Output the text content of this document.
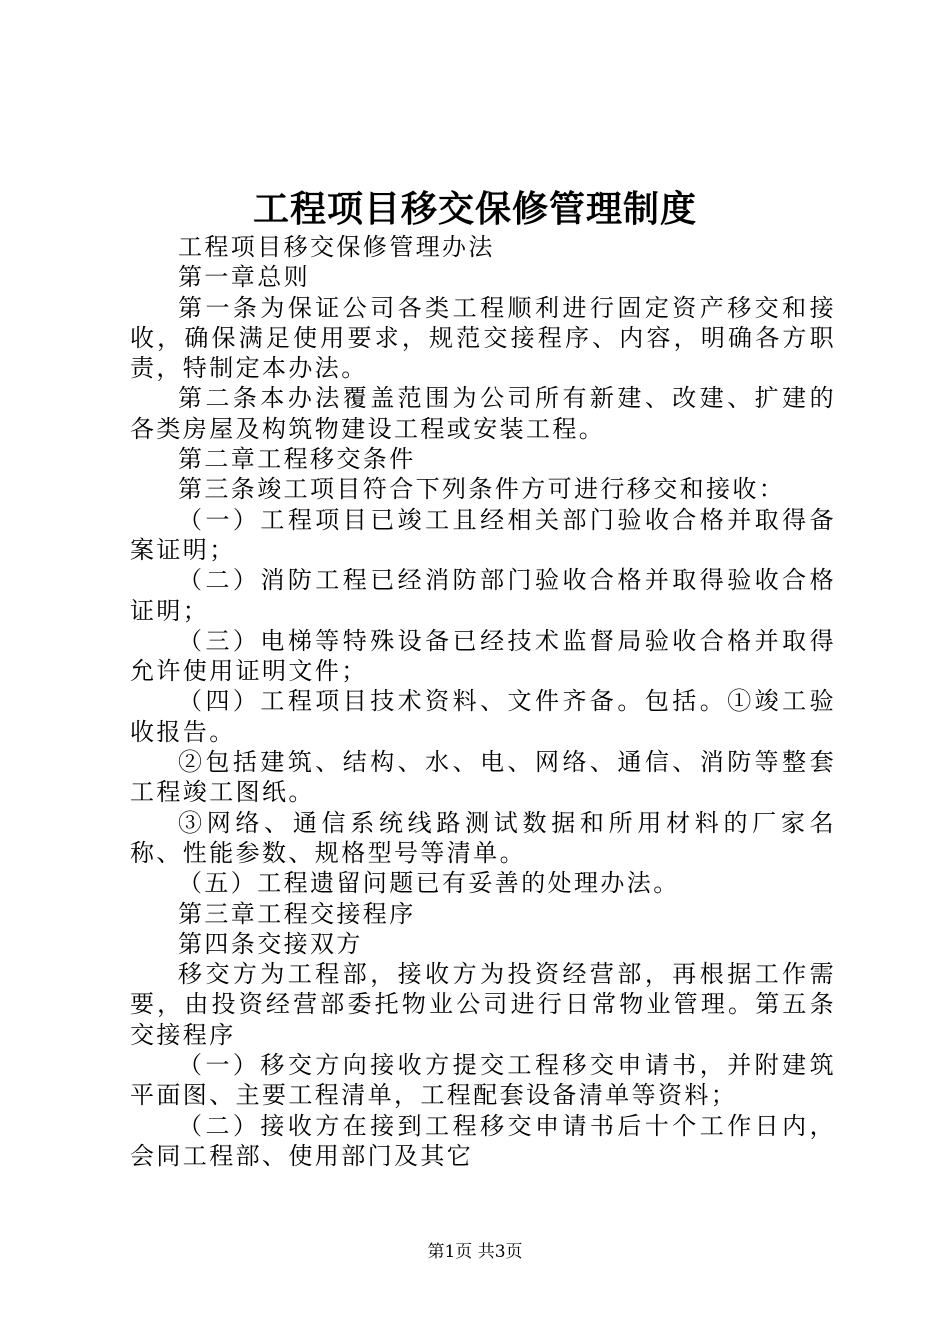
工程项目移交保修管理制度

工程项目移交保修管理办法

第一章总则

第一条为保证公司各类工程顺利进行固定资产移交和接收，确保满足使用要求，规范交接程序、内容，明确各方职责，特制定本办法。

第二条本办法覆盖范围为公司所有新建、改建、扩建的各类房屋及构筑物建设工程或安装工程。

第二章工程移交条件

第三条竣工项目符合下列条件方可进行移交和接收：

（一）工程项目已竣工且经相关部门验收合格并取得备案证明；

（二）消防工程已经消防部门验收合格并取得验收合格证明；

（三）电梯等特殊设备已经技术监督局验收合格并取得允许使用证明文件；

（四）工程项目技术资料、文件齐备。包括。①竣工验收报告。

②包括建筑、结构、水、电、网络、通信、消防等整套工程竣工图纸。

③网络、通信系统线路测试数据和所用材料的厂家名称、性能参数、规格型号等清单。

（五）工程遗留问题已有妥善的处理办法。

第三章工程交接程序

第四条交接双方

移交方为工程部，接收方为投资经营部，再根据工作需要，由投资经营部委托物业公司进行日常物业管理。第五条交接程序

（一）移交方向接收方提交工程移交申请书，并附建筑平面图、主要工程清单，工程配套设备清单等资料；

（二）接收方在接到工程移交申请书后十个工作日内，会同工程部、使用部门及其它

第1页 共3页
